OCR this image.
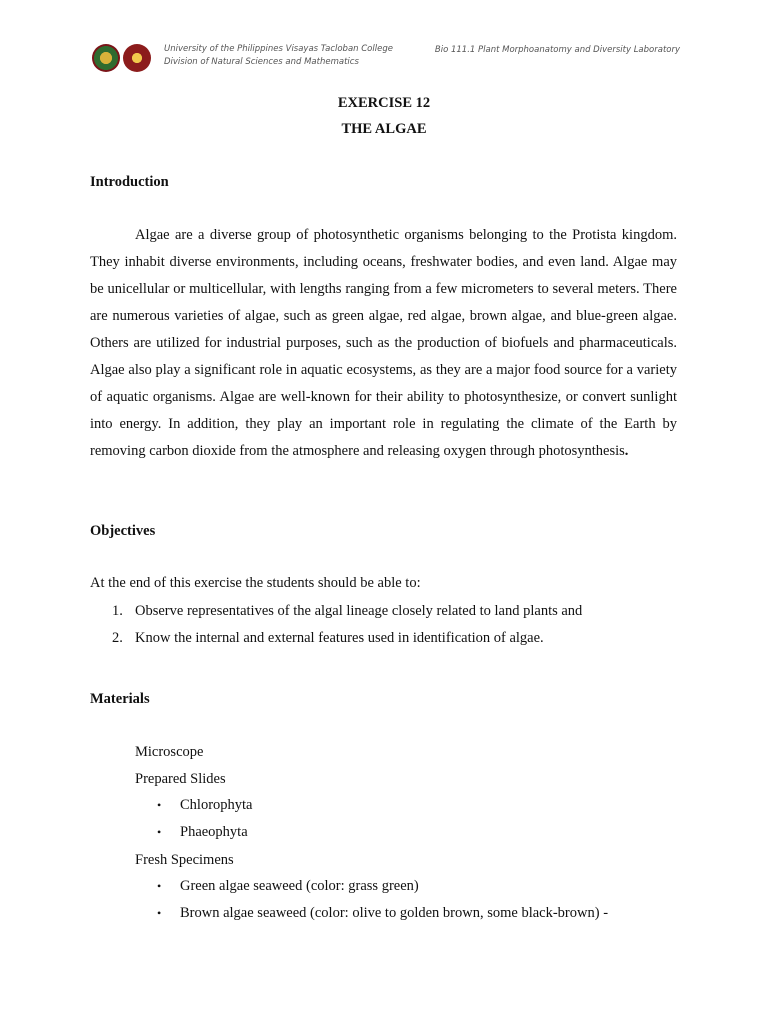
University of the Philippines Visayas Tacloban College
Division of Natural Sciences and Mathematics
Bio 111.1 Plant Morphoanatomy and Diversity Laboratory
EXERCISE 12
THE ALGAE
Introduction

Algae are a diverse group of photosynthetic organisms belonging to the Protista kingdom. They inhabit diverse environments, including oceans, freshwater bodies, and even land. Algae may be unicellular or multicellular, with lengths ranging from a few micrometers to several meters. There are numerous varieties of algae, such as green algae, red algae, brown algae, and blue-green algae. Others are utilized for industrial purposes, such as the production of biofuels and pharmaceuticals. Algae also play a significant role in aquatic ecosystems, as they are a major food source for a variety of aquatic organisms. Algae are well-known for their ability to photosynthesize, or convert sunlight into energy. In addition, they play an important role in regulating the climate of the Earth by removing carbon dioxide from the atmosphere and releasing oxygen through photosynthesis.

Objectives
At the end of this exercise the students should be able to:
1. Observe representatives of the algal lineage closely related to land plants and
2. Know the internal and external features used in identification of algae.
Materials
Microscope
Prepared Slides
• Chlorophyta
• Phaeophyta
Fresh Specimens
• Green algae seaweed (color: grass green)
• Brown algae seaweed (color: olive to golden brown, some black-brown) -
